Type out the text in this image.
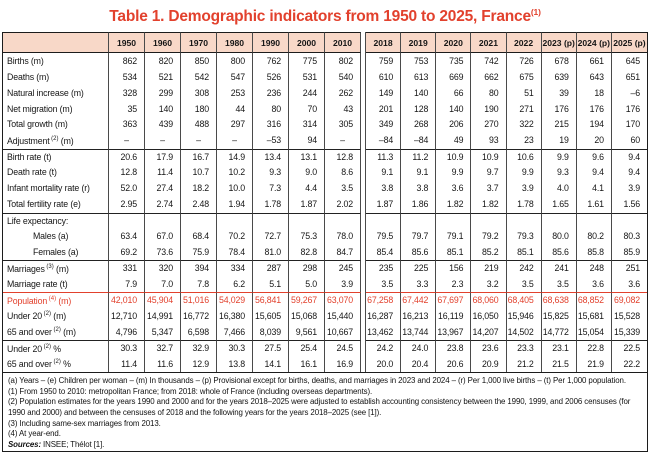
Table 1. Demographic indicators from 1950 to 2025, France$^{(1)}$
	1950	1960	1970	1980	1990	2000	2010		2018	2019	2020	2021	2022	2023 (p)	2024 (p)	2025 (p)
Births (m)	862	820	850	800	762	775	802		759	753	735	742	726	678	661	645
Deaths (m)	534	521	542	547	526	531	540		610	613	669	662	675	639	643	651
Natural increase (m)	328	299	308	253	236	244	262		149	140	66	80	51	39	18	–6
Net migration (m)	35	140	180	44	80	70	43		201	128	140	190	271	176	176	176
Total growth (m)	363	439	488	297	316	314	305		349	268	206	270	322	215	194	170
Adjustment $^{(2)}$ (m)	–	–	–	–	–53	94	–		–84	–84	49	93	23	19	20	60
Birth rate (t)	20.6	17.9	16.7	14.9	13.4	13.1	12.8		11.3	11.2	10.9	10.9	10.6	9.9	9.6	9.4
Death rate (t)	12.8	11.4	10.7	10.2	9.3	9.0	8.6		9.1	9.1	9.9	9.7	9.9	9.3	9.4	9.4
Infant mortality rate (r)	52.0	27.4	18.2	10.0	7.3	4.4	3.5		3.8	3.8	3.6	3.7	3.9	4.0	4.1	3.9
Total fertility rate (e)	2.95	2.74	2.48	1.94	1.78	1.87	2.02		1.87	1.86	1.82	1.82	1.78	1.65	1.61	1.56
Life expectancy:																
Males (a)	63.4	67.0	68.4	70.2	72.7	75.3	78.0		79.5	79.7	79.1	79.2	79.3	80.0	80.2	80.3
Females (a)	69.2	73.6	75.9	78.4	81.0	82.8	84.7		85.4	85.6	85.1	85.2	85.1	85.6	85.8	85.9
Marriages $^{(3)}$ (m)	331	320	394	334	287	298	245		235	225	156	219	242	241	248	251
Marriage rate (t)	7.9	7.0	7.8	6.2	5.1	5.0	3.9		3.5	3.3	2.3	3.2	3.5	3.5	3.6	3.6
Population $^{(4)}$ (m)	42,010	45,904	51,016	54,029	56,841	59,267	63,070		67,258	67,442	67,697	68,060	68,405	68,638	68,852	69,082
Under 20 $^{(2)}$ (m)	12,710	14,991	16,772	16,380	15,605	15,068	15,440		16,287	16,213	16,119	16,050	15,946	15,825	15,681	15,528
65 and over $^{(2)}$ (m)	4,796	5,347	6,598	7,466	8,039	9,561	10,667		13,462	13,744	13,967	14,207	14,502	14,772	15,054	15,339
Under 20 $^{(2)}$ %	30.3	32.7	32.9	30.3	27.5	25.4	24.5		24.2	24.0	23.8	23.6	23.3	23.1	22.8	22.5
65 and over $^{(2)}$ %	11.4	11.6	12.9	13.8	14.1	16.1	16.9		20.0	20.4	20.6	20.9	21.2	21.5	21.9	22.2
(a) Years – (e) Children per woman – (m) In thousands – (p) Provisional except for births, deaths, and marriages in 2023 and 2024 – (r) Per 1,000 live births – (t) Per 1,000 population.
(1) From 1950 to 2010: metropolitan France; from 2018: whole of France (including overseas departments).
(2) Population estimates for the years 1990 and 2000 and for the years 2018–2025 were adjusted to establish accounting consistency between the 1990, 1999, and 2006 censuses (for 1990 and 2000) and between the censuses of 2018 and the following years for the years 2018–2025 (see [1]).
(3) Including same-sex marriages from 2013.
(4) At year-end.
Sources: INSEE; Thélot [1].
